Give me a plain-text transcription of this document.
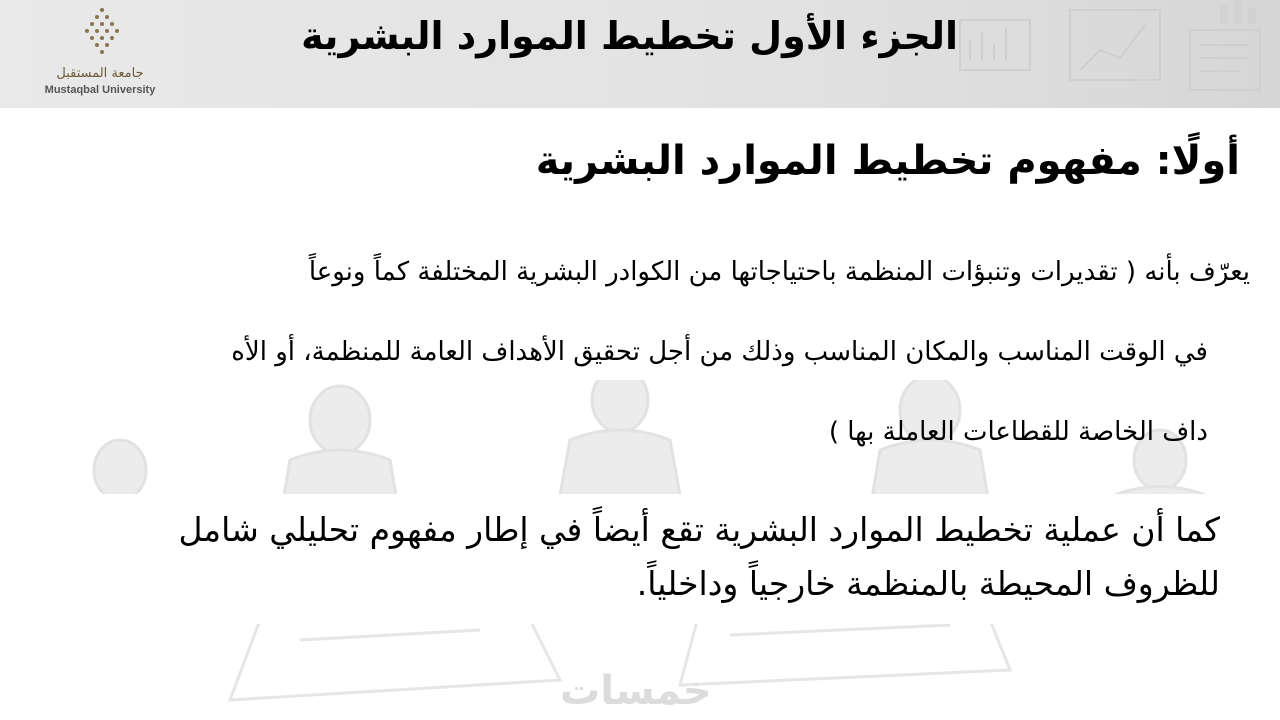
جامعة المستقبل
Mustaqbal University
الجزء الأول تخطيط الموارد البشرية
أولًا: مفهوم تخطيط الموارد البشرية
يعرّف بأنه ( تقديرات وتنبؤات المنظمة باحتياجاتها من الكوادر البشرية المختلفة كماً ونوعاً
في الوقت المناسب والمكان المناسب وذلك من أجل تحقيق الأهداف العامة للمنظمة، أو الأه
داف الخاصة للقطاعات العاملة بها )
كما أن عملية تخطيط الموارد البشرية تقع أيضاً في إطار مفهوم تحليلي شامل
للظروف المحيطة بالمنظمة خارجياً وداخلياً.
خمسات
